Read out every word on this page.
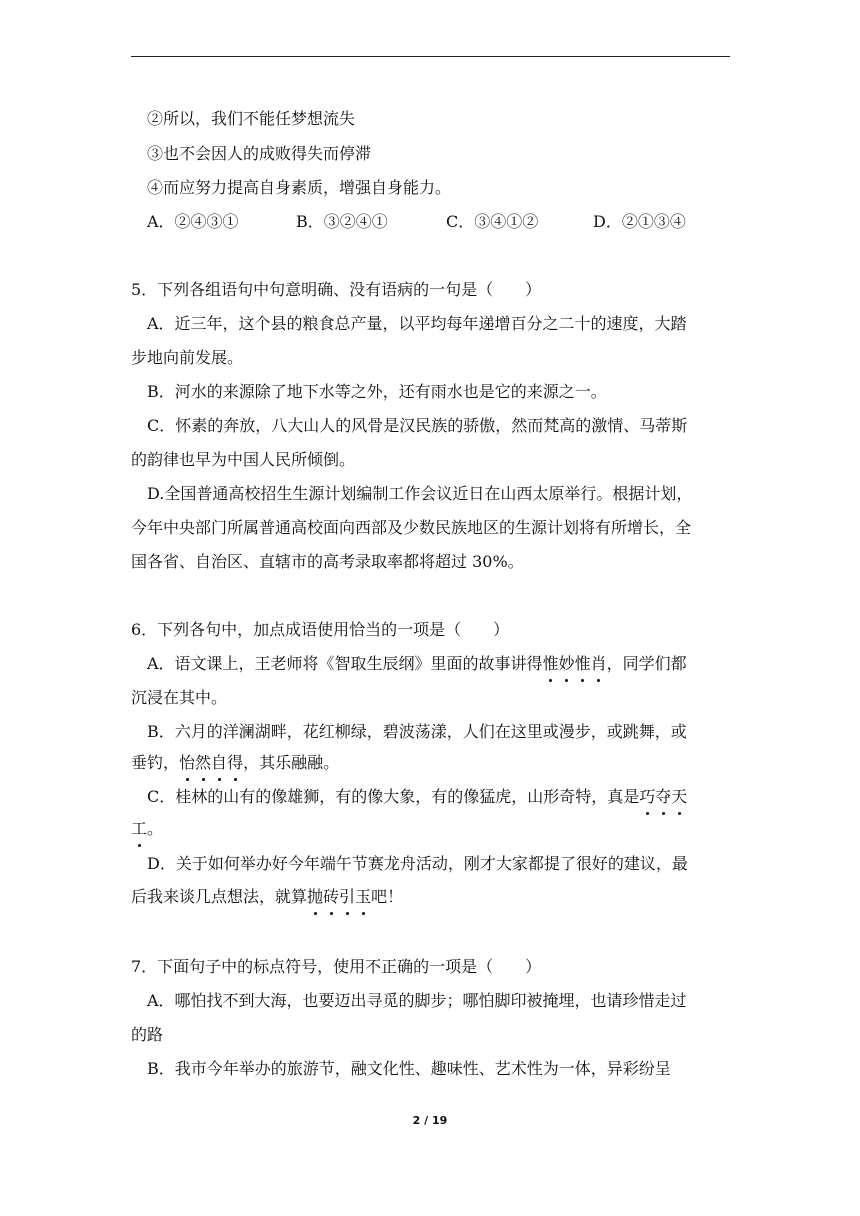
②所以，我们不能任梦想流失
③也不会因人的成败得失而停滞
④而应努力提高自身素质，增强自身能力。
A．②④③①	B．③②④①	C．③④①②	D．②①③④
5．下列各组语句中句意明确、没有语病的一句是（　　）
A．近三年，这个县的粮食总产量，以平均每年递增百分之二十的速度，大踏
步地向前发展。
B．河水的来源除了地下水等之外，还有雨水也是它的来源之一。
C．怀素的奔放，八大山人的风骨是汉民族的骄傲，然而梵高的激情、马蒂斯
的韵律也早为中国人民所倾倒。
D.全国普通高校招生生源计划编制工作会议近日在山西太原举行。根据计划，
今年中央部门所属普通高校面向西部及少数民族地区的生源计划将有所增长，全
国各省、自治区、直辖市的高考录取率都将超过 30%。
6．下列各句中，加点成语使用恰当的一项是（　　）
A．语文课上，王老师将《智取生辰纲》里面的故事讲得惟妙惟肖，同学们都
沉浸在其中。
B．六月的洋澜湖畔，花红柳绿，碧波荡漾，人们在这里或漫步，或跳舞，或
垂钓，怡然自得，其乐融融。
C．桂林的山有的像雄狮，有的像大象，有的像猛虎，山形奇特，真是巧夺天
工。
D．关于如何举办好今年端午节赛龙舟活动，刚才大家都提了很好的建议，最
后我来谈几点想法，就算抛砖引玉吧！
7．下面句子中的标点符号，使用不正确的一项是（　　）
A．哪怕找不到大海，也要迈出寻觅的脚步；哪怕脚印被掩埋，也请珍惜走过
的路
B．我市今年举办的旅游节，融文化性、趣味性、艺术性为一体，异彩纷呈
2 / 19
